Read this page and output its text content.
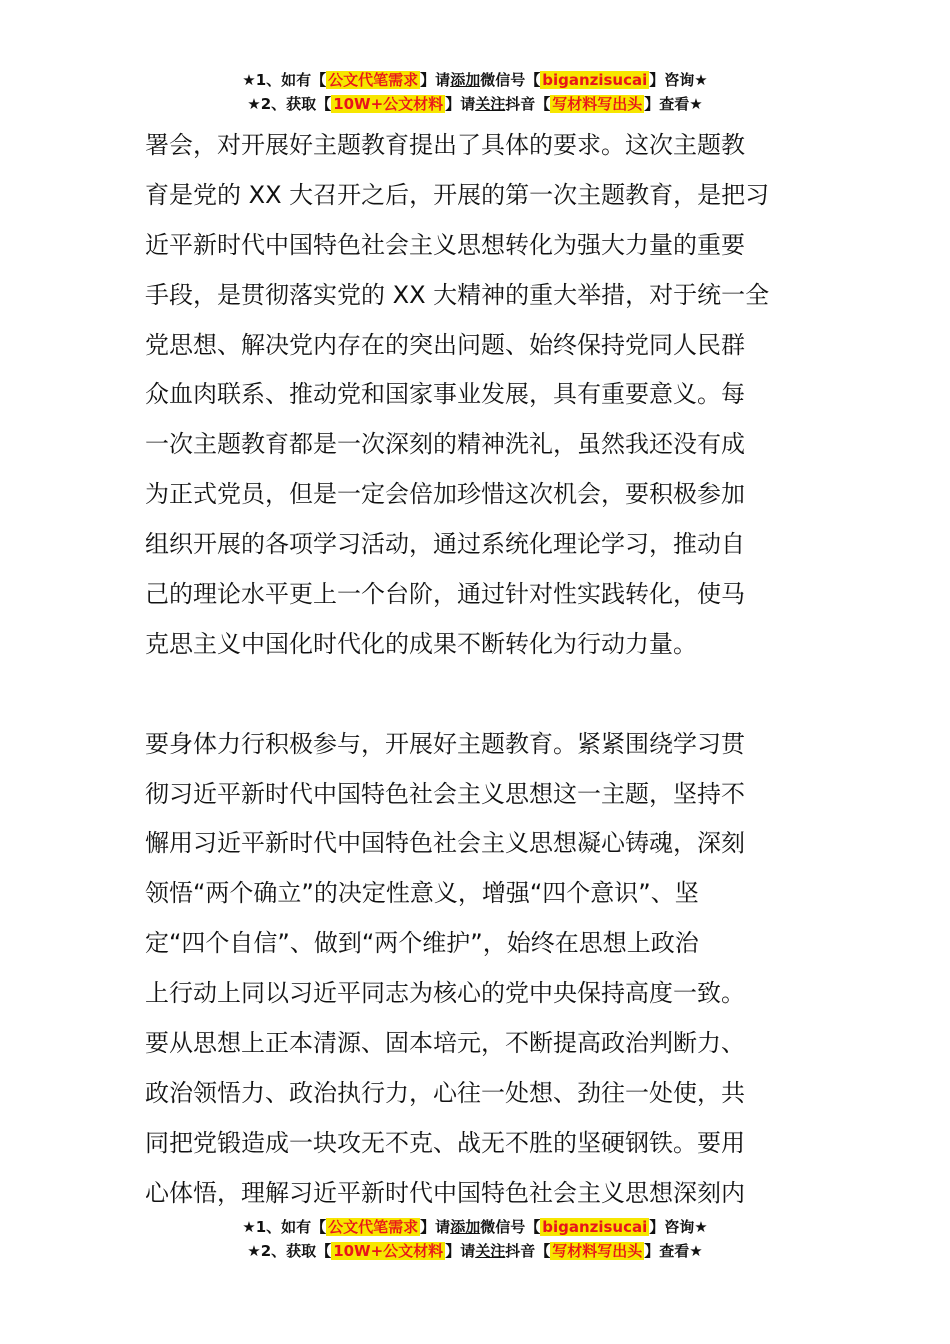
★1、如有【 公文代笔需求 】请添加微信号【 biganzisucai 】咨询★
★2、获取【 10W+公文材料 】请关注抖音【 写材料写出头 】查看★
署会，对开展好主题教育提出了具体的要求。这次主题教
育是党的 XX 大召开之后，开展的第一次主题教育，是把习
近平新时代中国特色社会主义思想转化为强大力量的重要
手段，是贯彻落实党的 XX 大精神的重大举措，对于统一全
党思想、解决党内存在的突出问题、始终保持党同人民群
众血肉联系、推动党和国家事业发展，具有重要意义。每
一次主题教育都是一次深刻的精神洗礼，虽然我还没有成
为正式党员，但是一定会倍加珍惜这次机会，要积极参加
组织开展的各项学习活动，通过系统化理论学习，推动自
己的理论水平更上一个台阶，通过针对性实践转化，使马
克思主义中国化时代化的成果不断转化为行动力量。
要身体力行积极参与，开展好主题教育。紧紧围绕学习贯
彻习近平新时代中国特色社会主义思想这一主题，坚持不
懈用习近平新时代中国特色社会主义思想凝心铸魂，深刻
领悟“两个确立”的决定性意义，增强“四个意识”、坚
定“四个自信”、做到“两个维护”，始终在思想上政治
上行动上同以习近平同志为核心的党中央保持高度一致。
要从思想上正本清源、固本培元，不断提高政治判断力、
政治领悟力、政治执行力，心往一处想、劲往一处使，共
同把党锻造成一块攻无不克、战无不胜的坚硬钢铁。要用
心体悟，理解习近平新时代中国特色社会主义思想深刻内
★1、如有【 公文代笔需求 】请添加微信号【 biganzisucai 】咨询★
★2、获取【 10W+公文材料 】请关注抖音【 写材料写出头 】查看★
